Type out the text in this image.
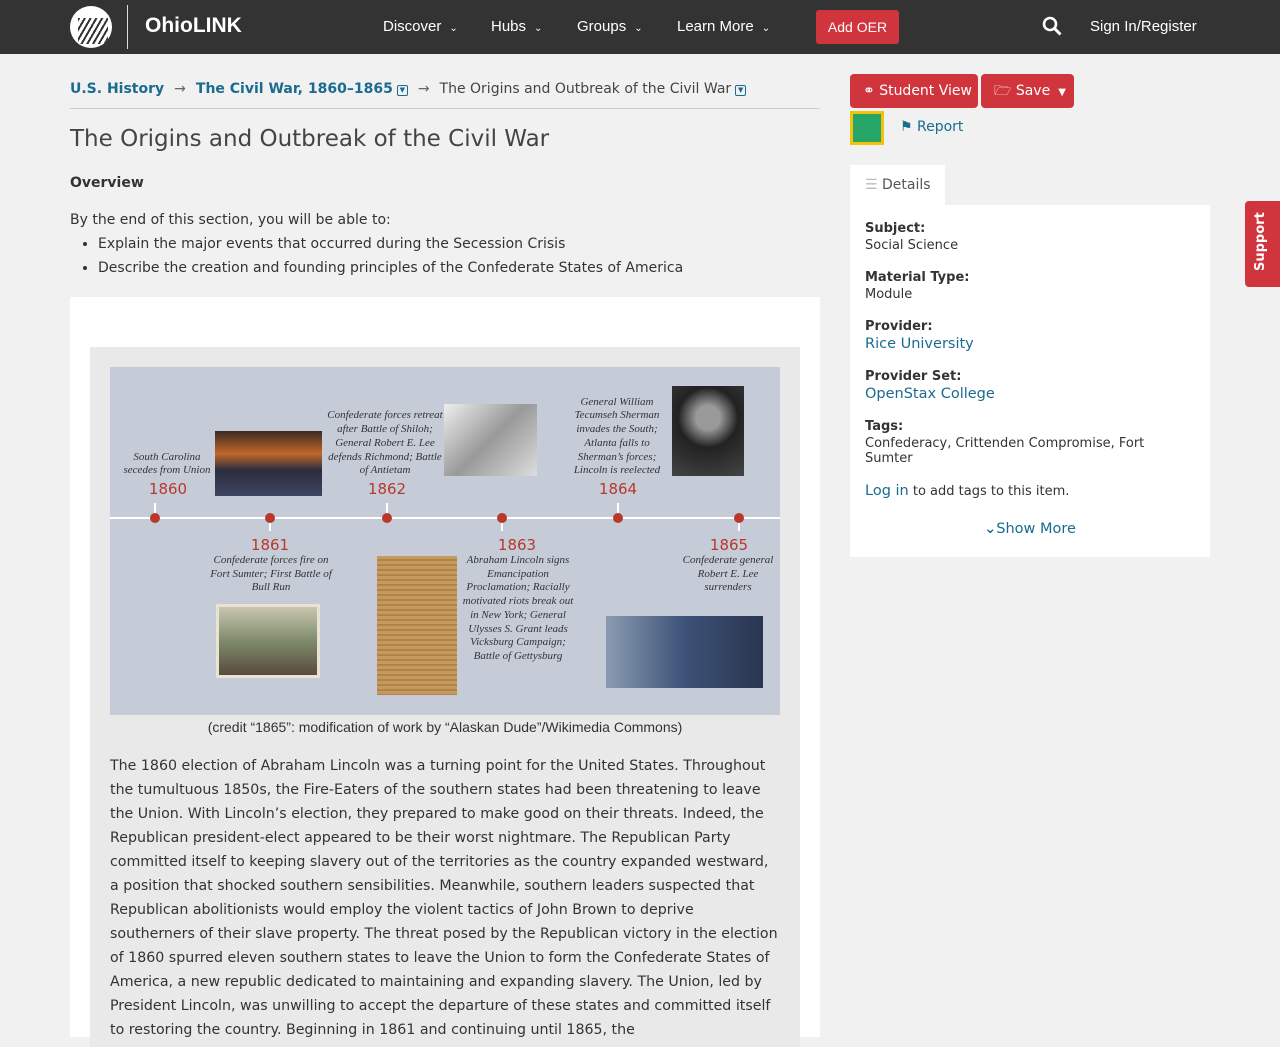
OhioLINK	Discover ⌄ Hubs ⌄ Groups ⌄ Learn More ⌄	Add OER	Sign In/Register
U.S. History → The Civil War, 1860–1865 ▼ → The Origins and Outbreak of the Civil War ▼
The Origins and Outbreak of the Civil War
Overview

By the end of this section, you will be able to:

• Explain the major events that occurred during the Secession Crisis
• Describe the creation and founding principles of the Confederate States of America
South Carolina secedes from Union
1860
1861
Confederate forces fire on Fort Sumter; First Battle of Bull Run
Confederate forces retreat after Battle of Shiloh; General Robert E. Lee defends Richmond; Battle of Antietam
1862
1863
Abraham Lincoln signs Emancipation Proclamation; Racially motivated riots break out in New York; General Ulysses S. Grant leads Vicksburg Campaign; Battle of Gettysburg
General William Tecumseh Sherman invades the South; Atlanta falls to Sherman’s forces; Lincoln is reelected
1864
1865
Confederate general Robert E. Lee surrenders
(credit “1865”: modification of work by “Alaskan Dude”/Wikimedia Commons)

The 1860 election of Abraham Lincoln was a turning point for the United States. Throughout the tumultuous 1850s, the Fire-Eaters of the southern states had been threatening to leave the Union. With Lincoln’s election, they prepared to make good on their threats. Indeed, the Republican president-elect appeared to be their worst nightmare. The Republican Party committed itself to keeping slavery out of the territories as the country expanded westward, a position that shocked southern sensibilities. Meanwhile, southern leaders suspected that Republican abolitionists would employ the violent tactics of John Brown to deprive southerners of their slave property. The threat posed by the Republican victory in the election of 1860 spurred eleven southern states to leave the Union to form the Confederate States of America, a new republic dedicated to maintaining and expanding slavery. The Union, led by President Lincoln, was unwilling to accept the departure of these states and committed itself to restoring the country. Beginning in 1861 and continuing until 1865, the

⚭ Student View	🗁 Save ▼
⚑ Report
☰ Details
Subject:
Social Science
Material Type:
Module
Provider:
Rice University
Provider Set:
OpenStax College
Tags:
Confederacy, Crittenden Compromise, Fort Sumter
Log in to add tags to this item.
⌄Show More
Support
